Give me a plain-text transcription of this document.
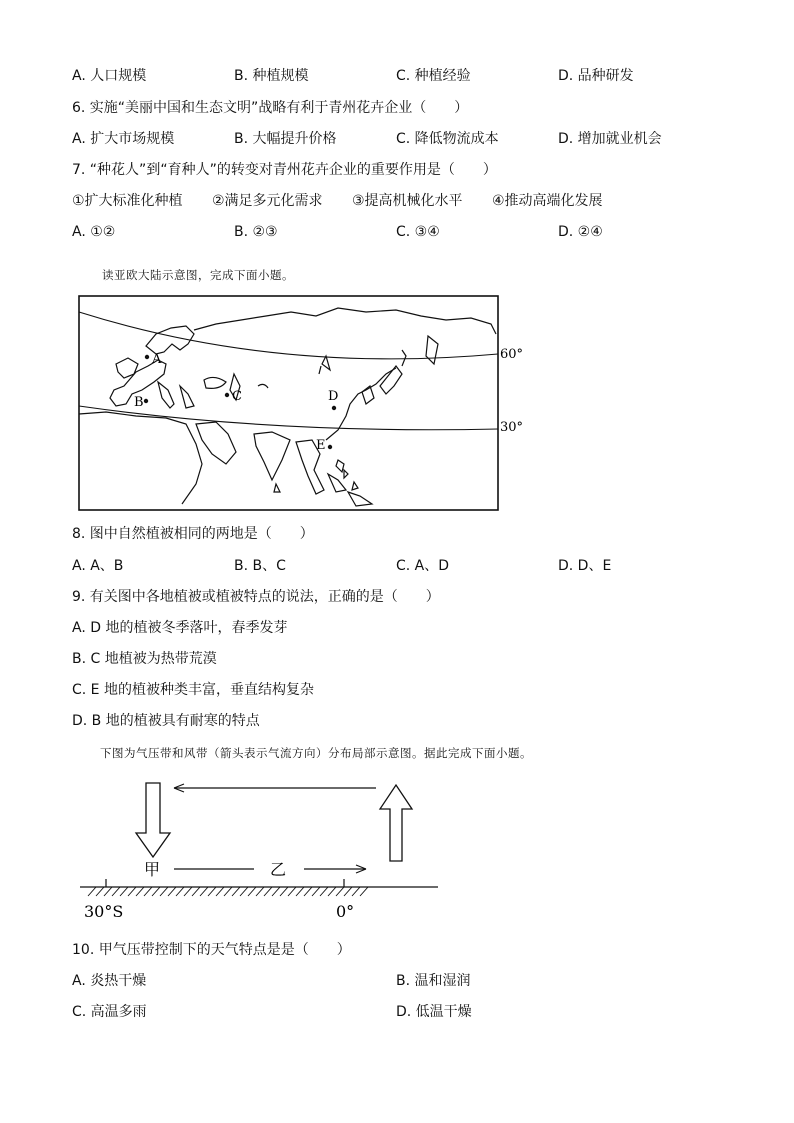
A. 人口规模	B. 种植规模	C. 种植经验	D. 品种研发
6. 实施“美丽中国和生态文明”战略有利于青州花卉企业（　　）
A. 扩大市场规模	B. 大幅提升价格	C. 降低物流成本	D. 增加就业机会
7. “种花人”到“育种人”的转变对青州花卉企业的重要作用是（　　）
①扩大标准化种植 ②满足多元化需求 ③提高机械化水平 ④推动高端化发展
A. ①②	B. ②③	C. ③④	D. ②④
读亚欧大陆示意图，完成下面小题。
A
B	C	D
E
60°
30°
8. 图中自然植被相同的两地是（　　）
A. A、B	B. B、C	C. A、D	D. D、E
9. 有关图中各地植被或植被特点的说法，正确的是（　　）
A. D 地的植被冬季落叶，春季发芽
B. C 地植被为热带荒漠
C. E 地的植被种类丰富，垂直结构复杂
D. B 地的植被具有耐寒的特点
下图为气压带和风带（箭头表示气流方向）分布局部示意图。据此完成下面小题。
甲	乙
30°S	0°
10. 甲气压带控制下的天气特点是是（　　）
A. 炎热干燥	B. 温和湿润
C. 高温多雨	D. 低温干燥
